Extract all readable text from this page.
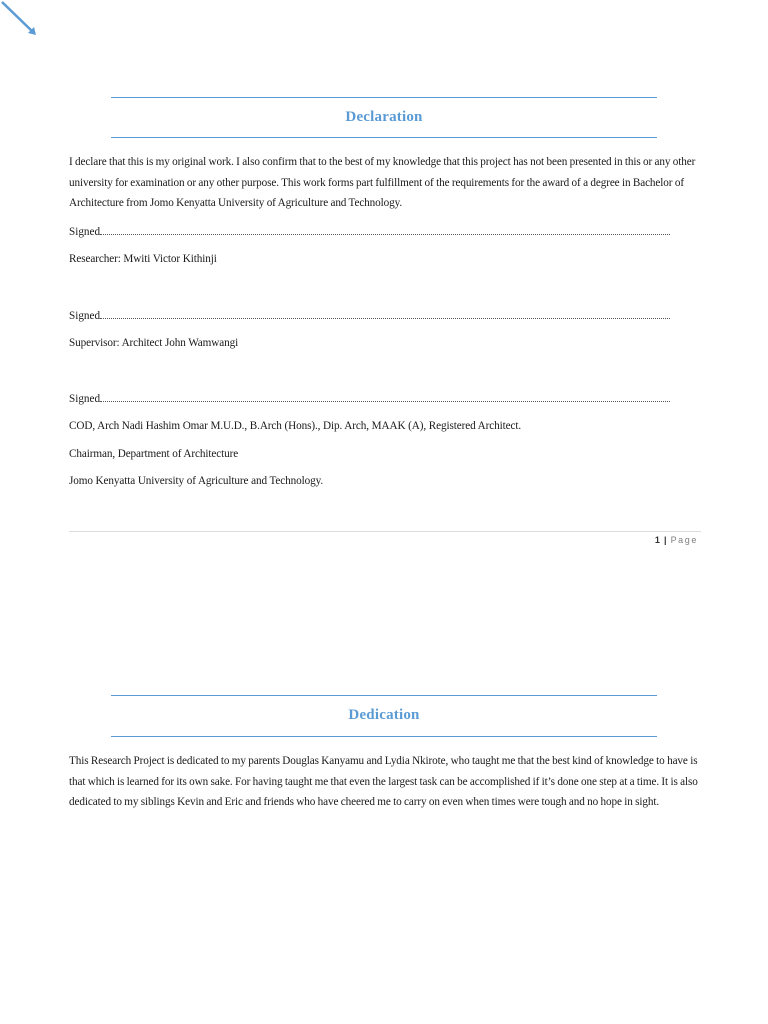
Declaration
I declare that this is my original work. I also confirm that to the best of my knowledge that this project has not been presented in this or any other university for examination or any other purpose. This work forms part fulfillment of the requirements for the award of a degree in Bachelor of Architecture from Jomo Kenyatta University of Agriculture and Technology.
Signed
Researcher: Mwiti Victor Kithinji
Signed
Supervisor: Architect John Wamwangi
Signed
COD, Arch Nadi Hashim Omar M.U.D., B.Arch (Hons)., Dip. Arch, MAAK (A), Registered Architect.
Chairman, Department of Architecture
Jomo Kenyatta University of Agriculture and Technology.
1 | Page
Dedication
This Research Project is dedicated to my parents Douglas Kanyamu and Lydia Nkirote, who taught me that the best kind of knowledge to have is that which is learned for its own sake. For having taught me that even the largest task can be accomplished if it’s done one step at a time. It is also dedicated to my siblings Kevin and Eric and friends who have cheered me to carry on even when times were tough and no hope in sight.
